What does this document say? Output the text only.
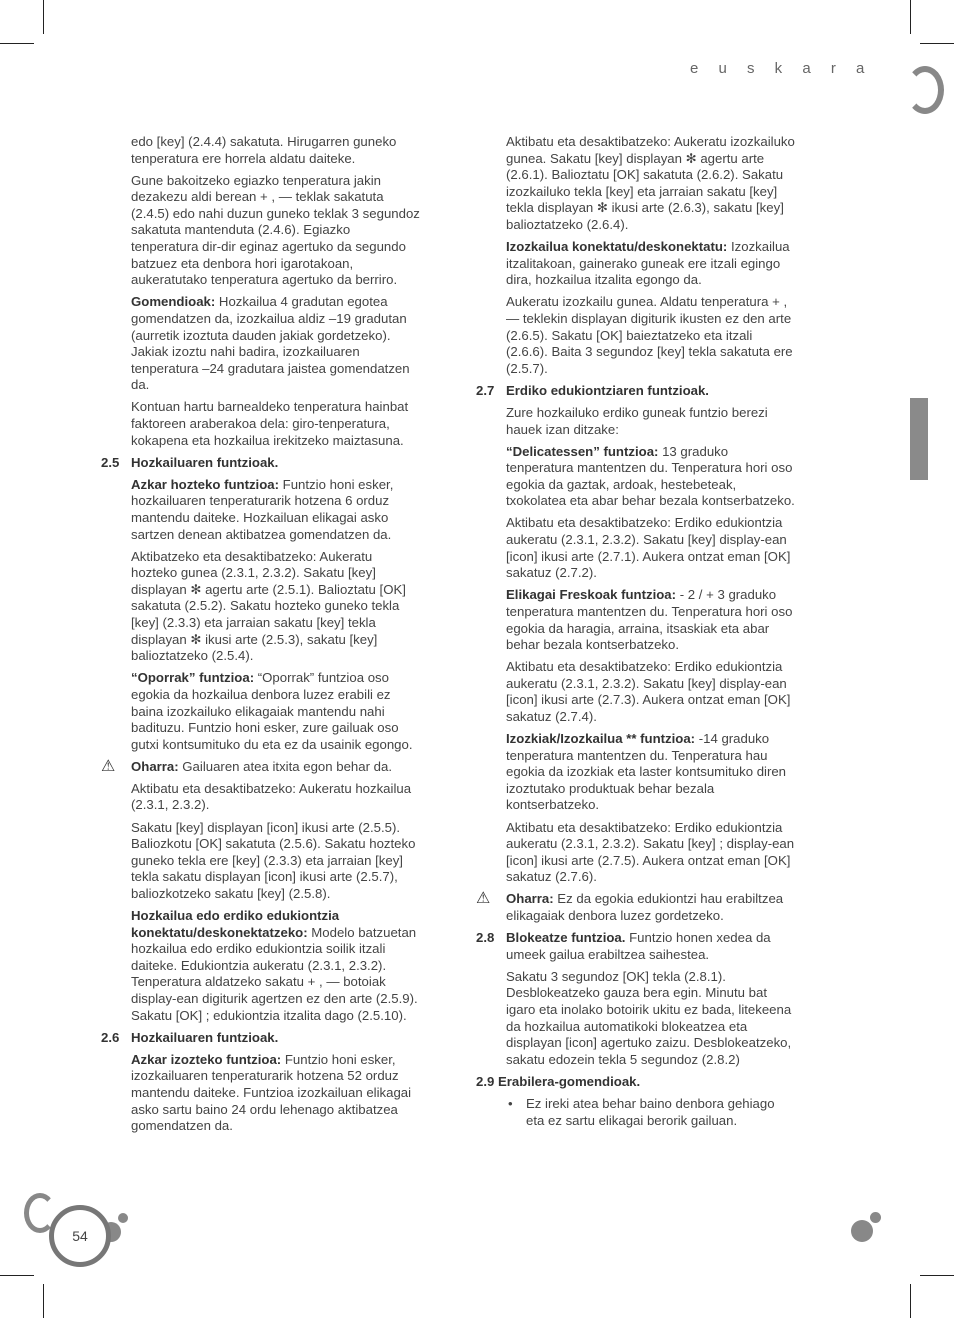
e u s k a r a
54

edo [key] (2.4.4) sakatuta. Hirugarren guneko tenperatura ere horrela aldatu daiteke.

Gune bakoitzeko egiazko tenperatura jakin dezakezu aldi berean + , — teklak sakatuta (2.4.5) edo nahi duzun guneko teklak 3 segundoz sakatuta mantenduta (2.4.6). Egiazko tenperatura dir-dir eginaz agertuko da segundo batzuez eta denbora hori igarotakoan, aukeratutako tenperatura agertuko da berriro.

Gomendioak: Hozkailua 4 gradutan egotea gomendatzen da, izozkailua aldiz –19 gradutan (aurretik izoztuta dauden jakiak gordetzeko). Jakiak izoztu nahi badira, izozkailuaren tenperatura –24 gradutara jaistea gomendatzen da.

Kontuan hartu barnealdeko tenperatura hainbat faktoreen araberakoa dela: giro-tenperatura, kokapena eta hozkailua irekitzeko maiztasuna.

2.5 Hozkailuaren funtzioak.

Azkar hozteko funtzioa: Funtzio honi esker, hozkailuaren tenperaturarik hotzena 6 orduz mantendu daiteke. Hozkailuan elikagai asko sartzen denean aktibatzea gomendatzen da.

Aktibatzeko eta desaktibatzeko: Aukeratu hozteko gunea (2.3.1, 2.3.2). Sakatu [key] displayan ✻ agertu arte (2.5.1). Balioztatu [OK] sakatuta (2.5.2). Sakatu hozteko guneko tekla [key] (2.3.3) eta jarraian sakatu [key] tekla displayan ✻ ikusi arte (2.5.3), sakatu [key] balioztatzeko (2.5.4).

“Oporrak” funtzioa: “Oporrak” funtzioa oso egokia da hozkailua denbora luzez erabili ez baina izozkailuko elikagaiak mantendu nahi badituzu. Funtzio honi esker, zure gailuak oso gutxi kontsumituko du eta ez da usainik egongo.

⚠	Oharra: Gailuaren atea itxita egon behar da.

Aktibatu eta desaktibatzeko: Aukeratu hozkailua (2.3.1, 2.3.2).

Sakatu [key] displayan [icon] ikusi arte (2.5.5). Baliozkotu [OK] sakatuta (2.5.6). Sakatu hozteko guneko tekla ere [key] (2.3.3) eta jarraian [key] tekla sakatu displayan [icon] ikusi arte (2.5.7), baliozkotzeko sakatu [key] (2.5.8).

Hozkailua edo erdiko edukiontzia konektatu/deskonektatzeko: Modelo batzuetan hozkailua edo erdiko edukiontzia soilik itzali daiteke. Edukiontzia aukeratu (2.3.1, 2.3.2). Tenperatura aldatzeko sakatu + , — botoiak display-ean digiturik agertzen ez den arte (2.5.9). Sakatu [OK] ; edukiontzia itzalita dago (2.5.10).

2.6 Hozkailuaren funtzioak.

Azkar izozteko funtzioa: Funtzio honi esker, izozkailuaren tenperaturarik hotzena 52 orduz mantendu daiteke. Funtzioa izozkailuan elikagai asko sartu baino 24 ordu lehenago aktibatzea gomendatzen da.

Aktibatu eta desaktibatzeko: Aukeratu izozkailuko gunea. Sakatu [key] displayan ✻ agertu arte (2.6.1). Balioztatu [OK] sakatuta (2.6.2). Sakatu izozkailuko tekla [key] eta jarraian sakatu [key] tekla displayan ✻ ikusi arte (2.6.3), sakatu [key] balioztatzeko (2.6.4).

Izozkailua konektatu/deskonektatu: Izozkailua itzalitakoan, gainerako guneak ere itzali egingo dira, hozkailua itzalita egongo da.

Aukeratu izozkailu gunea. Aldatu tenperatura + , — teklekin displayan digiturik ikusten ez den arte (2.6.5). Sakatu [OK] baieztatzeko eta itzali (2.6.6). Baita 3 segundoz [key] tekla sakatuta ere (2.5.7).

2.7 Erdiko edukiontziaren funtzioak.

Zure hozkailuko erdiko guneak funtzio berezi hauek izan ditzake:

“Delicatessen” funtzioa: 13 graduko tenperatura mantentzen du. Tenperatura hori oso egokia da gaztak, ardoak, hestebeteak, txokolatea eta abar behar bezala kontserbatzeko.

Aktibatu eta desaktibatzeko: Erdiko edukiontzia aukeratu (2.3.1, 2.3.2). Sakatu [key] display-ean [icon] ikusi arte (2.7.1). Aukera ontzat eman [OK] sakatuz (2.7.2).

Elikagai Freskoak funtzioa: - 2 / + 3 graduko tenperatura mantentzen du. Tenperatura hori oso egokia da haragia, arraina, itsaskiak eta abar behar bezala kontserbatzeko.

Aktibatu eta desaktibatzeko: Erdiko edukiontzia aukeratu (2.3.1, 2.3.2). Sakatu [key] display-ean [icon] ikusi arte (2.7.3). Aukera ontzat eman [OK] sakatuz (2.7.4).

Izozkiak/Izozkailua ** funtzioa: -14 graduko tenperatura mantentzen du. Tenperatura hau egokia da izozkiak eta laster kontsumituko diren izoztutako produktuak behar bezala kontserbatzeko.

Aktibatu eta desaktibatzeko: Erdiko edukiontzia aukeratu (2.3.1, 2.3.2). Sakatu [key] ; display-ean [icon] ikusi arte (2.7.5). Aukera ontzat eman [OK] sakatuz (2.7.6).

⚠	Oharra: Ez da egokia edukiontzi hau erabiltzea elikagaiak denbora luzez gordetzeko.
2.8 Blokeatze funtzioa. Funtzio honen xedea da umeek gailua erabiltzea saihestea.

Sakatu 3 segundoz [OK] tekla (2.8.1). Desblokeatzeko gauza bera egin. Minutu bat igaro eta inolako botoirik ukitu ez bada, litekeena da hozkailua automatikoki blokeatzea eta displayan [icon] agertuko zaizu. Desblokeatzeko, sakatu edozein tekla 5 segundoz (2.8.2)

2.9 Erabilera-gomendioak.
•	Ez ireki atea behar baino denbora gehiago eta ez sartu elikagai berorik gailuan.
